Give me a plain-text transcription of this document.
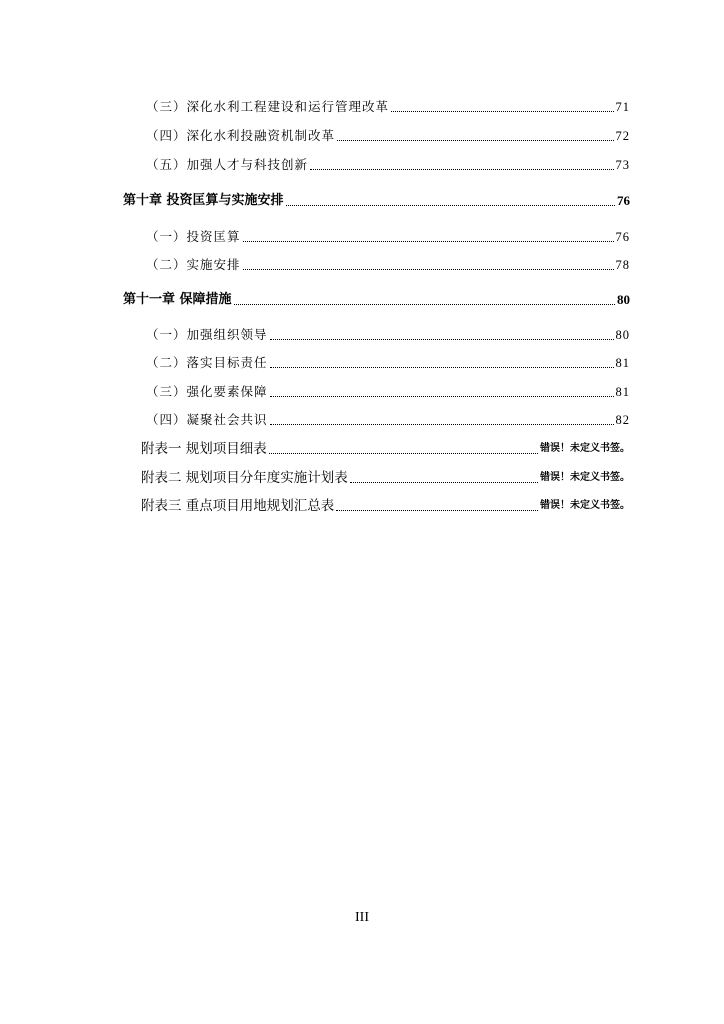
（三）深化水利工程建设和运行管理改革	71
（四）深化水利投融资机制改革	72
（五）加强人才与科技创新	73
第十章 投资匡算与实施安排	76
（一）投资匡算	76
（二）实施安排	78
第十一章 保障措施	80
（一）加强组织领导	80
（二）落实目标责任	81
（三）强化要素保障	81
（四）凝聚社会共识	82
附表一 规划项目细表	错误！未定义书签。
附表二 规划项目分年度实施计划表	错误！未定义书签。
附表三 重点项目用地规划汇总表	错误！未定义书签。
III
